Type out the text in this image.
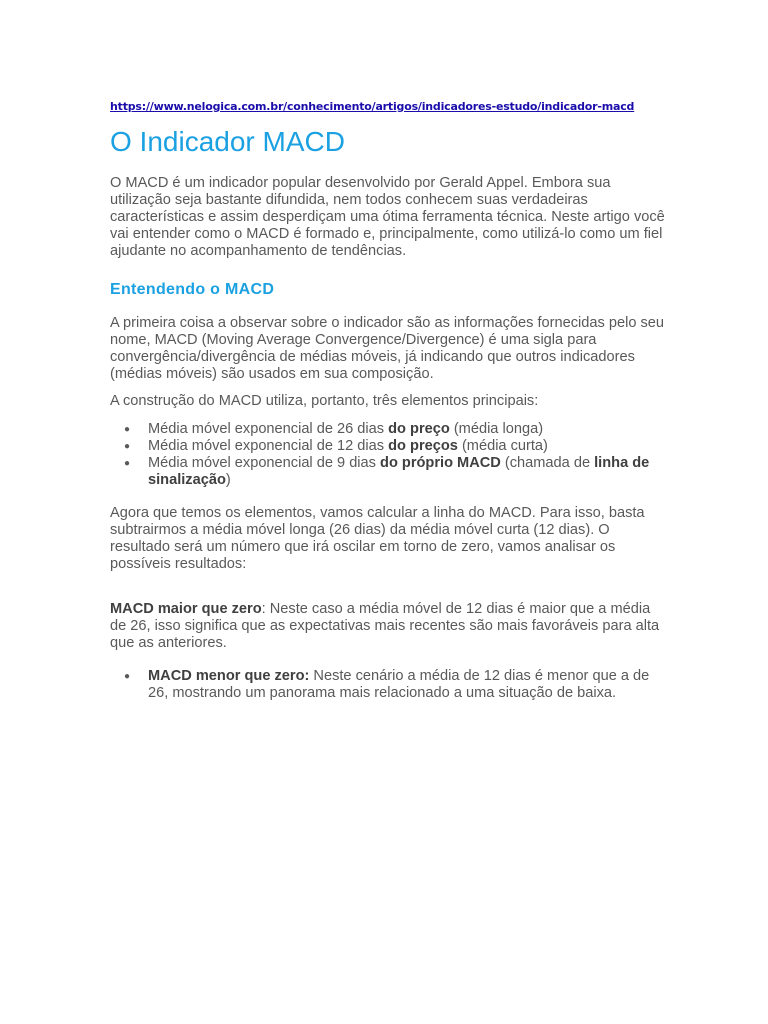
https://www.nelogica.com.br/conhecimento/artigos/indicadores-estudo/indicador-macd
O Indicador MACD

O MACD é um indicador popular desenvolvido por Gerald Appel. Embora sua utilização seja bastante difundida, nem todos conhecem suas verdadeiras características e assim desperdiçam uma ótima ferramenta técnica. Neste artigo você vai entender como o MACD é formado e, principalmente, como utilizá-lo como um fiel ajudante no acompanhamento de tendências.

Entendendo o MACD

A primeira coisa a observar sobre o indicador são as informações fornecidas pelo seu nome, MACD (Moving Average Convergence/Divergence) é uma sigla para convergência/divergência de médias móveis, já indicando que outros indicadores (médias móveis) são usados em sua composição.

A construção do MACD utiliza, portanto, três elementos principais:

● Média móvel exponencial de 26 dias do preço (média longa)
● Média móvel exponencial de 12 dias do preços (média curta)
● Média móvel exponencial de 9 dias do próprio MACD (chamada de linha de sinalização)

Agora que temos os elementos, vamos calcular a linha do MACD. Para isso, basta subtrairmos a média móvel longa (26 dias) da média móvel curta (12 dias). O resultado será um número que irá oscilar em torno de zero, vamos analisar os possíveis resultados:

MACD maior que zero: Neste caso a média móvel de 12 dias é maior que a média de 26, isso significa que as expectativas mais recentes são mais favoráveis para alta que as anteriores.

● MACD menor que zero: Neste cenário a média de 12 dias é menor que a de 26, mostrando um panorama mais relacionado a uma situação de baixa.
